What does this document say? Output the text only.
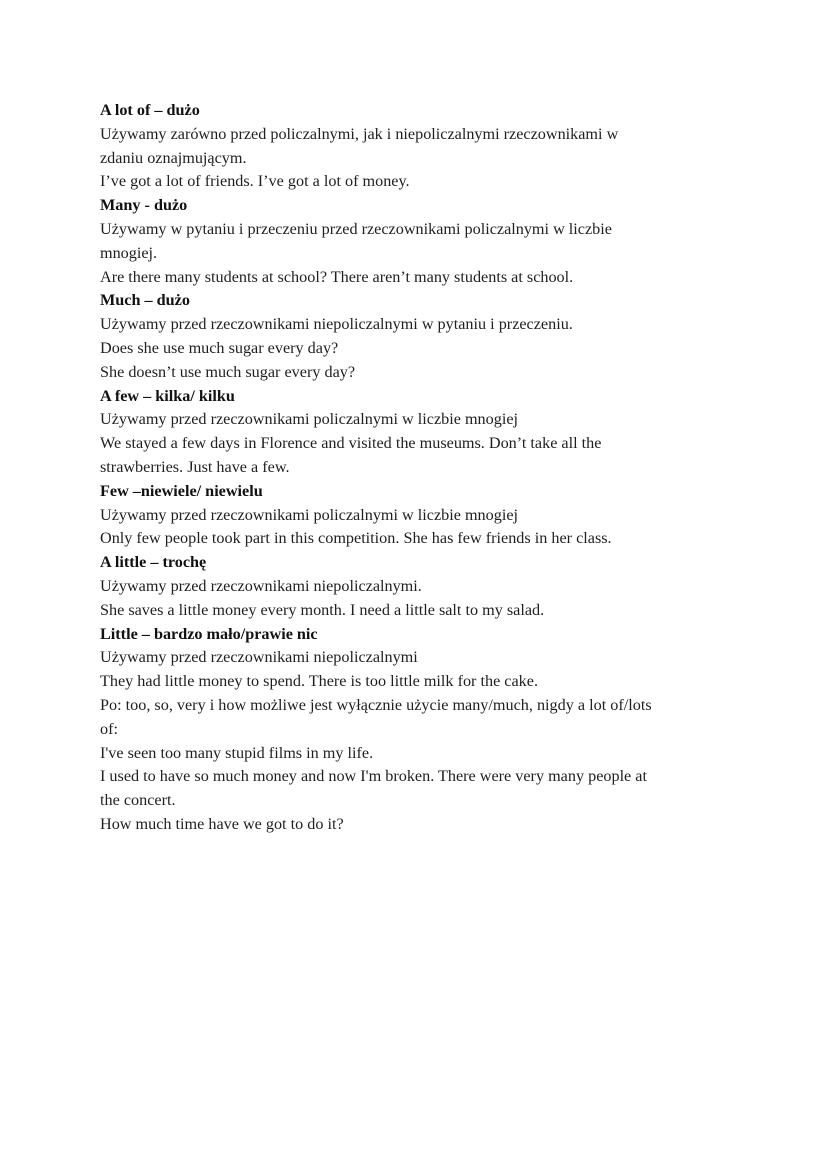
A lot of – dużo

Używamy zarówno przed policzalnymi, jak i niepoliczalnymi rzeczownikami w

zdaniu oznajmującym.

I’ve got a lot of friends. I’ve got a lot of money.

Many - dużo

Używamy w pytaniu i przeczeniu przed rzeczownikami policzalnymi w liczbie

mnogiej.

Are there many students at school? There aren’t many students at school.

Much – dużo

Używamy przed rzeczownikami niepoliczalnymi w pytaniu i przeczeniu.

Does she use much sugar every day?

She doesn’t use much sugar every day?

A few – kilka/ kilku

Używamy przed rzeczownikami policzalnymi w liczbie mnogiej

We stayed a few days in Florence and visited the museums. Don’t take all the

strawberries. Just have a few.

Few –niewiele/ niewielu

Używamy przed rzeczownikami policzalnymi w liczbie mnogiej

Only few people took part in this competition. She has few friends in her class.

A little – trochę

Używamy przed rzeczownikami niepoliczalnymi.

She saves a little money every month. I need a little salt to my salad.

Little – bardzo mało/prawie nic

Używamy przed rzeczownikami niepoliczalnymi

They had little money to spend. There is too little milk for the cake.

Po: too, so, very i how możliwe jest wyłącznie użycie many/much, nigdy a lot of/lots

of:

I've seen too many stupid films in my life.

I used to have so much money and now I'm broken. There were very many people at

the concert.

How much time have we got to do it?
